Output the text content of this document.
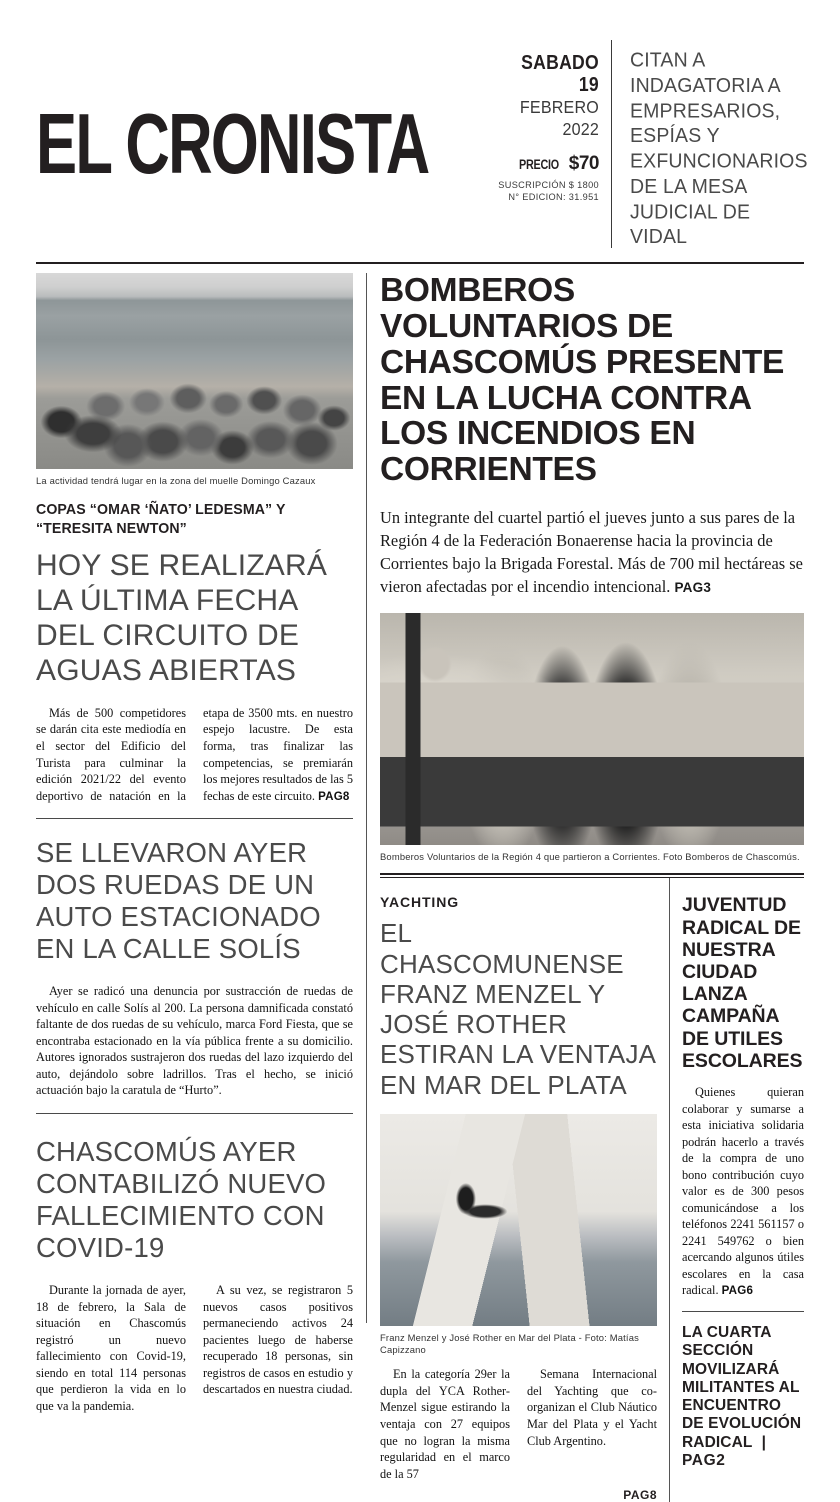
EL CRONISTA
SABADO 19
FEBRERO 2022
PRECIO $70
SUSCRIPCIÓN $ 1800
N° EDICION: 31.951
CITAN A INDAGATORIA A EMPRESARIOS, ESPÍAS Y EXFUNCIONARIOS DE LA MESA JUDICIAL DE VIDAL
La actividad tendrá lugar en la zona del muelle Domingo Cazaux
COPAS “OMAR ‘ÑATO’ LEDESMA” Y “TERESITA NEWTON”
HOY SE REALIZARÁ LA ÚLTIMA FECHA DEL CIRCUITO DE AGUAS ABIERTAS

Más de 500 competidores se darán cita este mediodía en el sector del Edificio del Turista para culminar la edición 2021/22 del evento deportivo de natación en la etapa de 3500 mts. en nuestro espejo lacustre. De esta forma, tras finalizar las competencias, se premiarán los mejores resultados de las 5 fechas de este circuito. PAG8

SE LLEVARON AYER DOS RUEDAS DE UN AUTO ESTACIONADO EN LA CALLE SOLÍS

Ayer se radicó una denuncia por sustracción de ruedas de vehículo en calle Solís al 200. La persona damnificada constató faltante de dos ruedas de su vehículo, marca Ford Fiesta, que se encontraba estacionado en la vía pública frente a su domicilio. Autores ignorados sustrajeron dos ruedas del lazo izquierdo del auto, dejándolo sobre ladrillos. Tras el hecho, se inició actuación bajo la caratula de “Hurto”.

CHASCOMÚS AYER CONTABILIZÓ NUEVO FALLECIMIENTO CON COVID-19

Durante la jornada de ayer, 18 de febrero, la Sala de situación en Chascomús registró un nuevo fallecimiento con Covid-19, siendo en total 114 personas que perdieron la vida en lo que va la pandemia.

A su vez, se registraron 5 nuevos casos positivos permaneciendo activos 24 pacientes luego de haberse recuperado 18 personas, sin registros de casos en estudio y descartados en nuestra ciudad.

BOMBEROS VOLUNTARIOS DE CHASCOMÚS PRESENTE EN LA LUCHA CONTRA LOS INCENDIOS EN CORRIENTES
Un integrante del cuartel partió el jueves junto a sus pares de la Región 4 de la Federación Bonaerense hacia la provincia de Corrientes bajo la Brigada Forestal. Más de 700 mil hectáreas se vieron afectadas por el incendio intencional. PAG3
Bomberos Voluntarios de la Región 4 que partieron a Corrientes. Foto Bomberos de Chascomús.
YACHTING
EL CHASCOMUNENSE FRANZ MENZEL Y JOSÉ ROTHER ESTIRAN LA VENTAJA EN MAR DEL PLATA
Franz Menzel y José Rother en Mar del Plata - Foto: Matías Capizzano

En la categoría 29er la dupla del YCA Rother-Menzel sigue estirando la ventaja con 27 equipos que no logran la misma regularidad en el marco de la 57

Semana Internacional del Yachting que co-organizan el Club Náutico Mar del Plata y el Yacht Club Argentino.

PAG8
JUVENTUD RADICAL DE NUESTRA CIUDAD LANZA CAMPAÑA DE UTILES ESCOLARES

Quienes quieran colaborar y sumarse a esta iniciativa solidaria podrán hacerlo a través de la compra de uno bono contribución cuyo valor es de 300 pesos comunicándose a los teléfonos 2241 561157 o 2241 549762 o bien acercando algunos útiles escolares en la casa radical. PAG6

LA CUARTA SECCIÓN MOVILIZARÁ MILITANTES AL ENCUENTRO DE EVOLUCIÓN RADICAL | PAG2
